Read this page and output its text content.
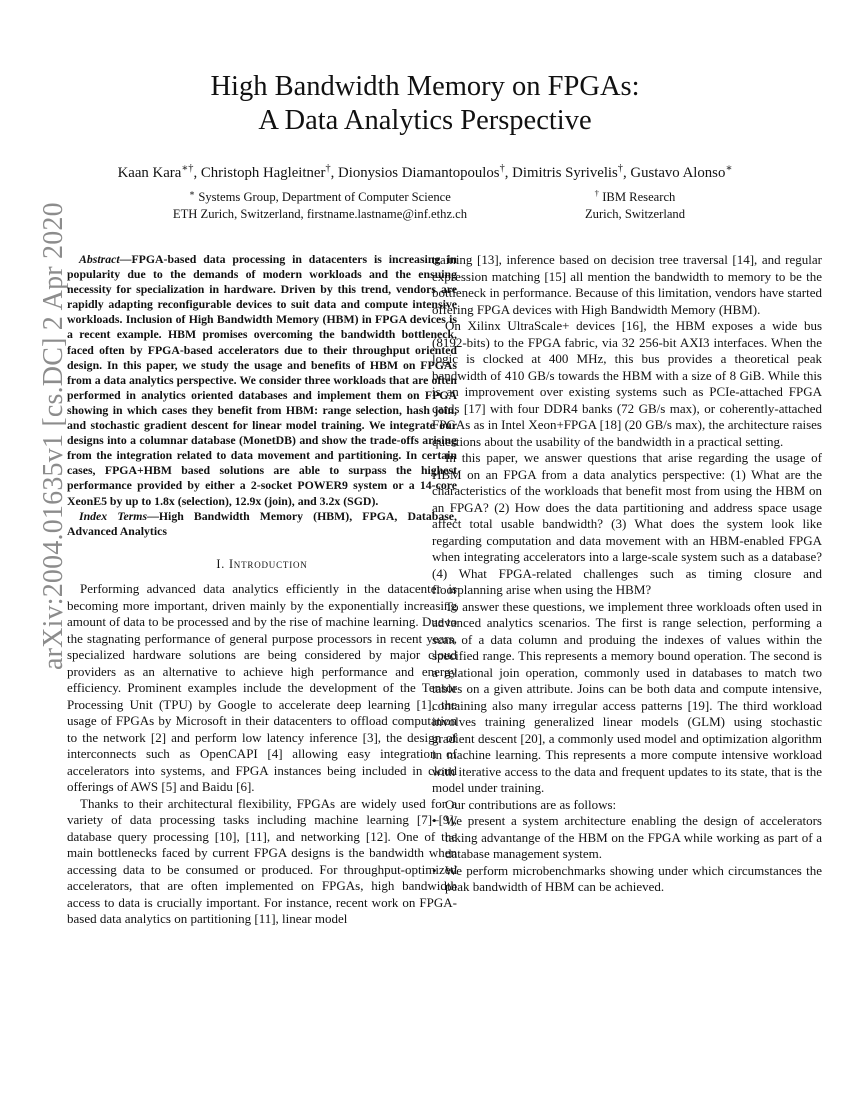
arXiv:2004.01635v1 [cs.DC] 2 Apr 2020
High Bandwidth Memory on FPGAs:
A Data Analytics Perspective
Kaan Kara∗†, Christoph Hagleitner†, Dionysios Diamantopoulos†, Dimitris Syrivelis†, Gustavo Alonso∗
∗ Systems Group, Department of Computer Science
ETH Zurich, Switzerland, firstname.lastname@inf.ethz.ch
† IBM Research
Zurich, Switzerland

Abstract—FPGA-based data processing in datacenters is increasing in popularity due to the demands of modern workloads and the ensuing necessity for specialization in hardware. Driven by this trend, vendors are rapidly adapting reconfigurable devices to suit data and compute intensive workloads. Inclusion of High Bandwidth Memory (HBM) in FPGA devices is a recent example. HBM promises overcoming the bandwidth bottleneck, faced often by FPGA-based accelerators due to their throughput oriented design. In this paper, we study the usage and benefits of HBM on FPGAs from a data analytics perspective. We consider three workloads that are often performed in analytics oriented databases and implement them on FPGA showing in which cases they benefit from HBM: range selection, hash join, and stochastic gradient descent for linear model training. We integrate our designs into a columnar database (MonetDB) and show the trade-offs arising from the integration related to data movement and partitioning. In certain cases, FPGA+HBM based solutions are able to surpass the highest performance provided by either a 2-socket POWER9 system or a 14-core XeonE5 by up to 1.8x (selection), 12.9x (join), and 3.2x (SGD).

Index Terms—High Bandwidth Memory (HBM), FPGA, Database, Advanced Analytics

I. Introduction

Performing advanced data analytics efficiently in the datacenter is becoming more important, driven mainly by the exponentially increasing amount of data to be processed and by the rise of machine learning. Due to the stagnating performance of general purpose processors in recent years, specialized hardware solutions are being considered by major cloud providers as an alternative to achieve high performance and energy efficiency. Prominent examples include the development of the Tensor Processing Unit (TPU) by Google to accelerate deep learning [1], the usage of FPGAs by Microsoft in their datacenters to offload computation to the network [2] and perform low latency inference [3], the design of interconnects such as OpenCAPI [4] allowing easy integration of accelerators into systems, and FPGA instances being included in cloud offerings of AWS [5] and Baidu [6].

Thanks to their architectural flexibility, FPGAs are widely used for a variety of data processing tasks including machine learning [7]–[9], database query processing [10], [11], and networking [12]. One of the main bottlenecks faced by current FPGA designs is the bandwidth when accessing data to be consumed or produced. For throughput-optimized accelerators, that are often implemented on FPGAs, high bandwidth access to data is crucially important. For instance, recent work on FPGA-based data analytics on partitioning [11], linear model

training [13], inference based on decision tree traversal [14], and regular expression matching [15] all mention the bandwidth to memory to be the bottleneck in performance. Because of this limitation, vendors have started offering FPGA devices with High Bandwidth Memory (HBM).

On Xilinx UltraScale+ devices [16], the HBM exposes a wide bus (8192-bits) to the FPGA fabric, via 32 256-bit AXI3 interfaces. When the logic is clocked at 400 MHz, this bus provides a theoretical peak bandwidth of 410 GB/s towards the HBM with a size of 8 GiB. While this is an improvement over existing systems such as PCIe-attached FPGA cards [17] with four DDR4 banks (72 GB/s max), or coherently-attached FPGAs as in Intel Xeon+FPGA [18] (20 GB/s max), the architecture raises questions about the usability of the bandwidth in a practical setting.

In this paper, we answer questions that arise regarding the usage of HBM on an FPGA from a data analytics perspective: (1) What are the characteristics of the workloads that benefit most from using the HBM on an FPGA? (2) How does the data partitioning and address space usage affect total usable bandwidth? (3) What does the system look like regarding computation and data movement with an HBM-enabled FPGA when integrating accelerators into a large-scale system such as a database? (4) What FPGA-related challenges such as timing closure and floorplanning arise when using the HBM?

To answer these questions, we implement three workloads often used in advanced analytics scenarios. The first is range selection, performing a scan of a data column and produing the indexes of values within the specified range. This represents a memory bound operation. The second is a relational join operation, commonly used in databases to match two tables on a given attribute. Joins can be both data and compute intensive, containing also many irregular access patterns [19]. The third workload involves training generalized linear models (GLM) using stochastic gradient descent [20], a commonly used model and optimization algorithm in machine learning. This represents a more compute intensive workload with iterative access to the data and frequent updates to its state, that is the model under training.

Our contributions are as follows:

• We present a system architecture enabling the design of accelerators taking advantange of the HBM on the FPGA while working as part of a database management system.
• We perform microbenchmarks showing under which circumstances the peak bandwidth of HBM can be achieved.
